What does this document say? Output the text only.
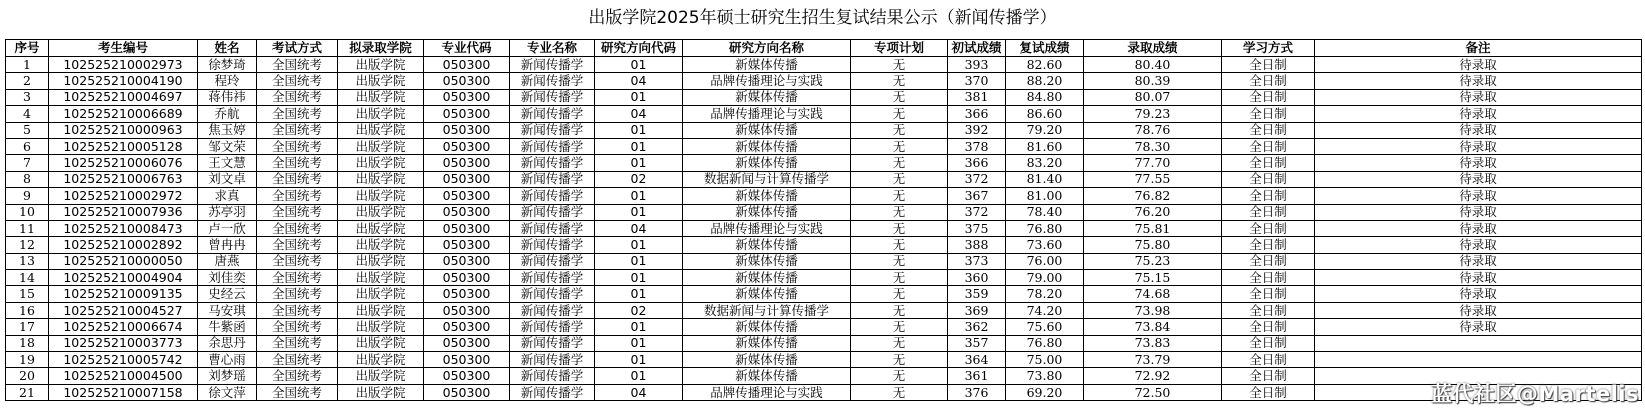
出版学院2025年硕士研究生招生复试结果公示（新闻传播学）
序号	考生编号	姓名	考试方式	拟录取学院	专业代码	专业名称	研究方向代码	研究方向名称	专项计划	初试成绩	复试成绩	录取成绩	学习方式	备注
1	102525210002973	徐梦琦	全国统考	出版学院	050300	新闻传播学	01	新媒体传播	无	393	82.60	80.40	全日制	待录取
2	102525210004190	程玲	全国统考	出版学院	050300	新闻传播学	04	品牌传播理论与实践	无	370	88.20	80.39	全日制	待录取
3	102525210004697	蒋伟祎	全国统考	出版学院	050300	新闻传播学	01	新媒体传播	无	381	84.80	80.07	全日制	待录取
4	102525210006689	乔航	全国统考	出版学院	050300	新闻传播学	04	品牌传播理论与实践	无	366	86.60	79.23	全日制	待录取
5	102525210000963	焦玉婷	全国统考	出版学院	050300	新闻传播学	01	新媒体传播	无	392	79.20	78.76	全日制	待录取
6	102525210005128	邹文荣	全国统考	出版学院	050300	新闻传播学	01	新媒体传播	无	378	81.60	78.30	全日制	待录取
7	102525210006076	王文慧	全国统考	出版学院	050300	新闻传播学	01	新媒体传播	无	366	83.20	77.70	全日制	待录取
8	102525210006763	刘文卓	全国统考	出版学院	050300	新闻传播学	02	数据新闻与计算传播学	无	372	81.40	77.55	全日制	待录取
9	102525210002972	求真	全国统考	出版学院	050300	新闻传播学	01	新媒体传播	无	367	81.00	76.82	全日制	待录取
10	102525210007936	苏亭羽	全国统考	出版学院	050300	新闻传播学	01	新媒体传播	无	372	78.40	76.20	全日制	待录取
11	102525210008473	卢一欣	全国统考	出版学院	050300	新闻传播学	04	品牌传播理论与实践	无	375	76.80	75.81	全日制	待录取
12	102525210002892	曾冉冉	全国统考	出版学院	050300	新闻传播学	01	新媒体传播	无	388	73.60	75.80	全日制	待录取
13	102525210000050	唐燕	全国统考	出版学院	050300	新闻传播学	01	新媒体传播	无	373	76.00	75.23	全日制	待录取
14	102525210004904	刘佳奕	全国统考	出版学院	050300	新闻传播学	01	新媒体传播	无	360	79.00	75.15	全日制	待录取
15	102525210009135	史经云	全国统考	出版学院	050300	新闻传播学	01	新媒体传播	无	359	78.20	74.68	全日制	待录取
16	102525210004527	马安琪	全国统考	出版学院	050300	新闻传播学	02	数据新闻与计算传播学	无	369	74.20	73.98	全日制	待录取
17	102525210006674	牛紫函	全国统考	出版学院	050300	新闻传播学	01	新媒体传播	无	362	75.60	73.84	全日制	待录取
18	102525210003773	余思丹	全国统考	出版学院	050300	新闻传播学	01	新媒体传播	无	357	76.80	73.83	全日制	
19	102525210005742	曹心雨	全国统考	出版学院	050300	新闻传播学	01	新媒体传播	无	364	75.00	73.79	全日制	
20	102525210004500	刘梦瑶	全国统考	出版学院	050300	新闻传播学	01	新媒体传播	无	361	73.80	72.92	全日制	
21	102525210007158	徐文萍	全国统考	出版学院	050300	新闻传播学	04	品牌传播理论与实践	无	376	69.20	72.50	全日制		蓝代社区@Martelis
